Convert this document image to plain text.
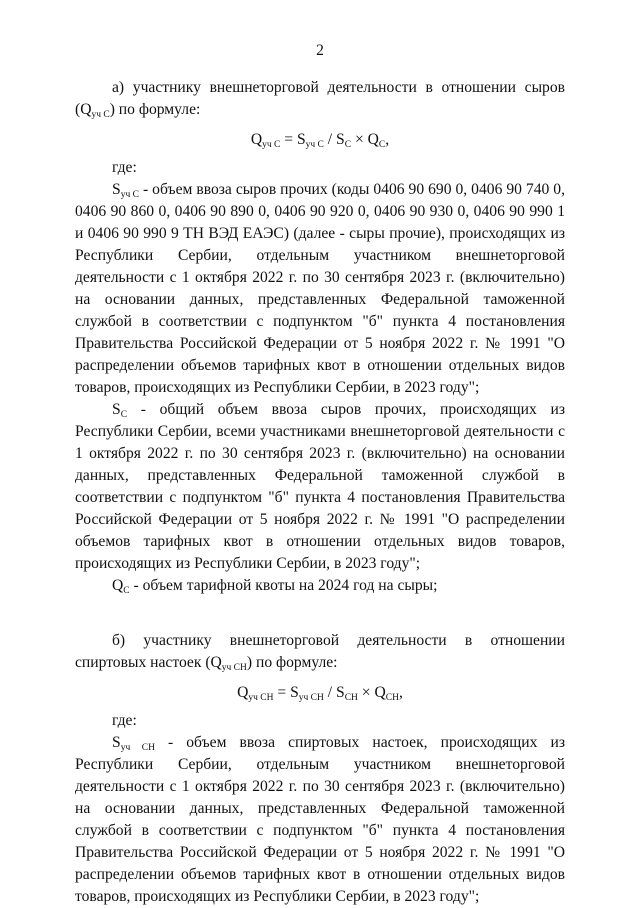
2

а) участнику внешнеторговой деятельности в отношении сыров $(Q_{уч С})$ по формуле:

$Q_{уч С} = S_{уч С} / S_С \times Q_С$,

где:

$S_{уч С}$ - объем ввоза сыров прочих (коды 0406 90 690 0, 0406 90 740 0, 0406 90 860 0, 0406 90 890 0, 0406 90 920 0, 0406 90 930 0, 0406 90 990 1 и 0406 90 990 9 ТН ВЭД ЕАЭС) (далее - сыры прочие), происходящих из Республики Сербии, отдельным участником внешнеторговой деятельности с 1 октября 2022 г. по 30 сентября 2023 г. (включительно) на основании данных, представленных Федеральной таможенной службой в соответствии с подпунктом "б" пункта 4 постановления Правительства Российской Федерации от 5 ноября 2022 г. № 1991 "О распределении объемов тарифных квот в отношении отдельных видов товаров, происходящих из Республики Сербии, в 2023 году";

$S_С$ - общий объем ввоза сыров прочих, происходящих из Республики Сербии, всеми участниками внешнеторговой деятельности с 1 октября 2022 г. по 30 сентября 2023 г. (включительно) на основании данных, представленных Федеральной таможенной службой в соответствии с подпунктом "б" пункта 4 постановления Правительства Российской Федерации от 5 ноября 2022 г. № 1991 "О распределении объемов тарифных квот в отношении отдельных видов товаров, происходящих из Республики Сербии, в 2023 году";

$Q_С$ - объем тарифной квоты на 2024 год на сыры;

б) участнику внешнеторговой деятельности в отношении спиртовых настоек $(Q_{уч СН})$ по формуле:

$Q_{уч СН} = S_{уч СН} / S_{СН} \times Q_{СН}$,

где:

$S_{уч СН}$ - объем ввоза спиртовых настоек, происходящих из Республики Сербии, отдельным участником внешнеторговой деятельности с 1 октября 2022 г. по 30 сентября 2023 г. (включительно) на основании данных, представленных Федеральной таможенной службой в соответствии с подпунктом "б" пункта 4 постановления Правительства Российской Федерации от 5 ноября 2022 г. № 1991 "О распределении объемов тарифных квот в отношении отдельных видов товаров, происходящих из Республики Сербии, в 2023 году";
